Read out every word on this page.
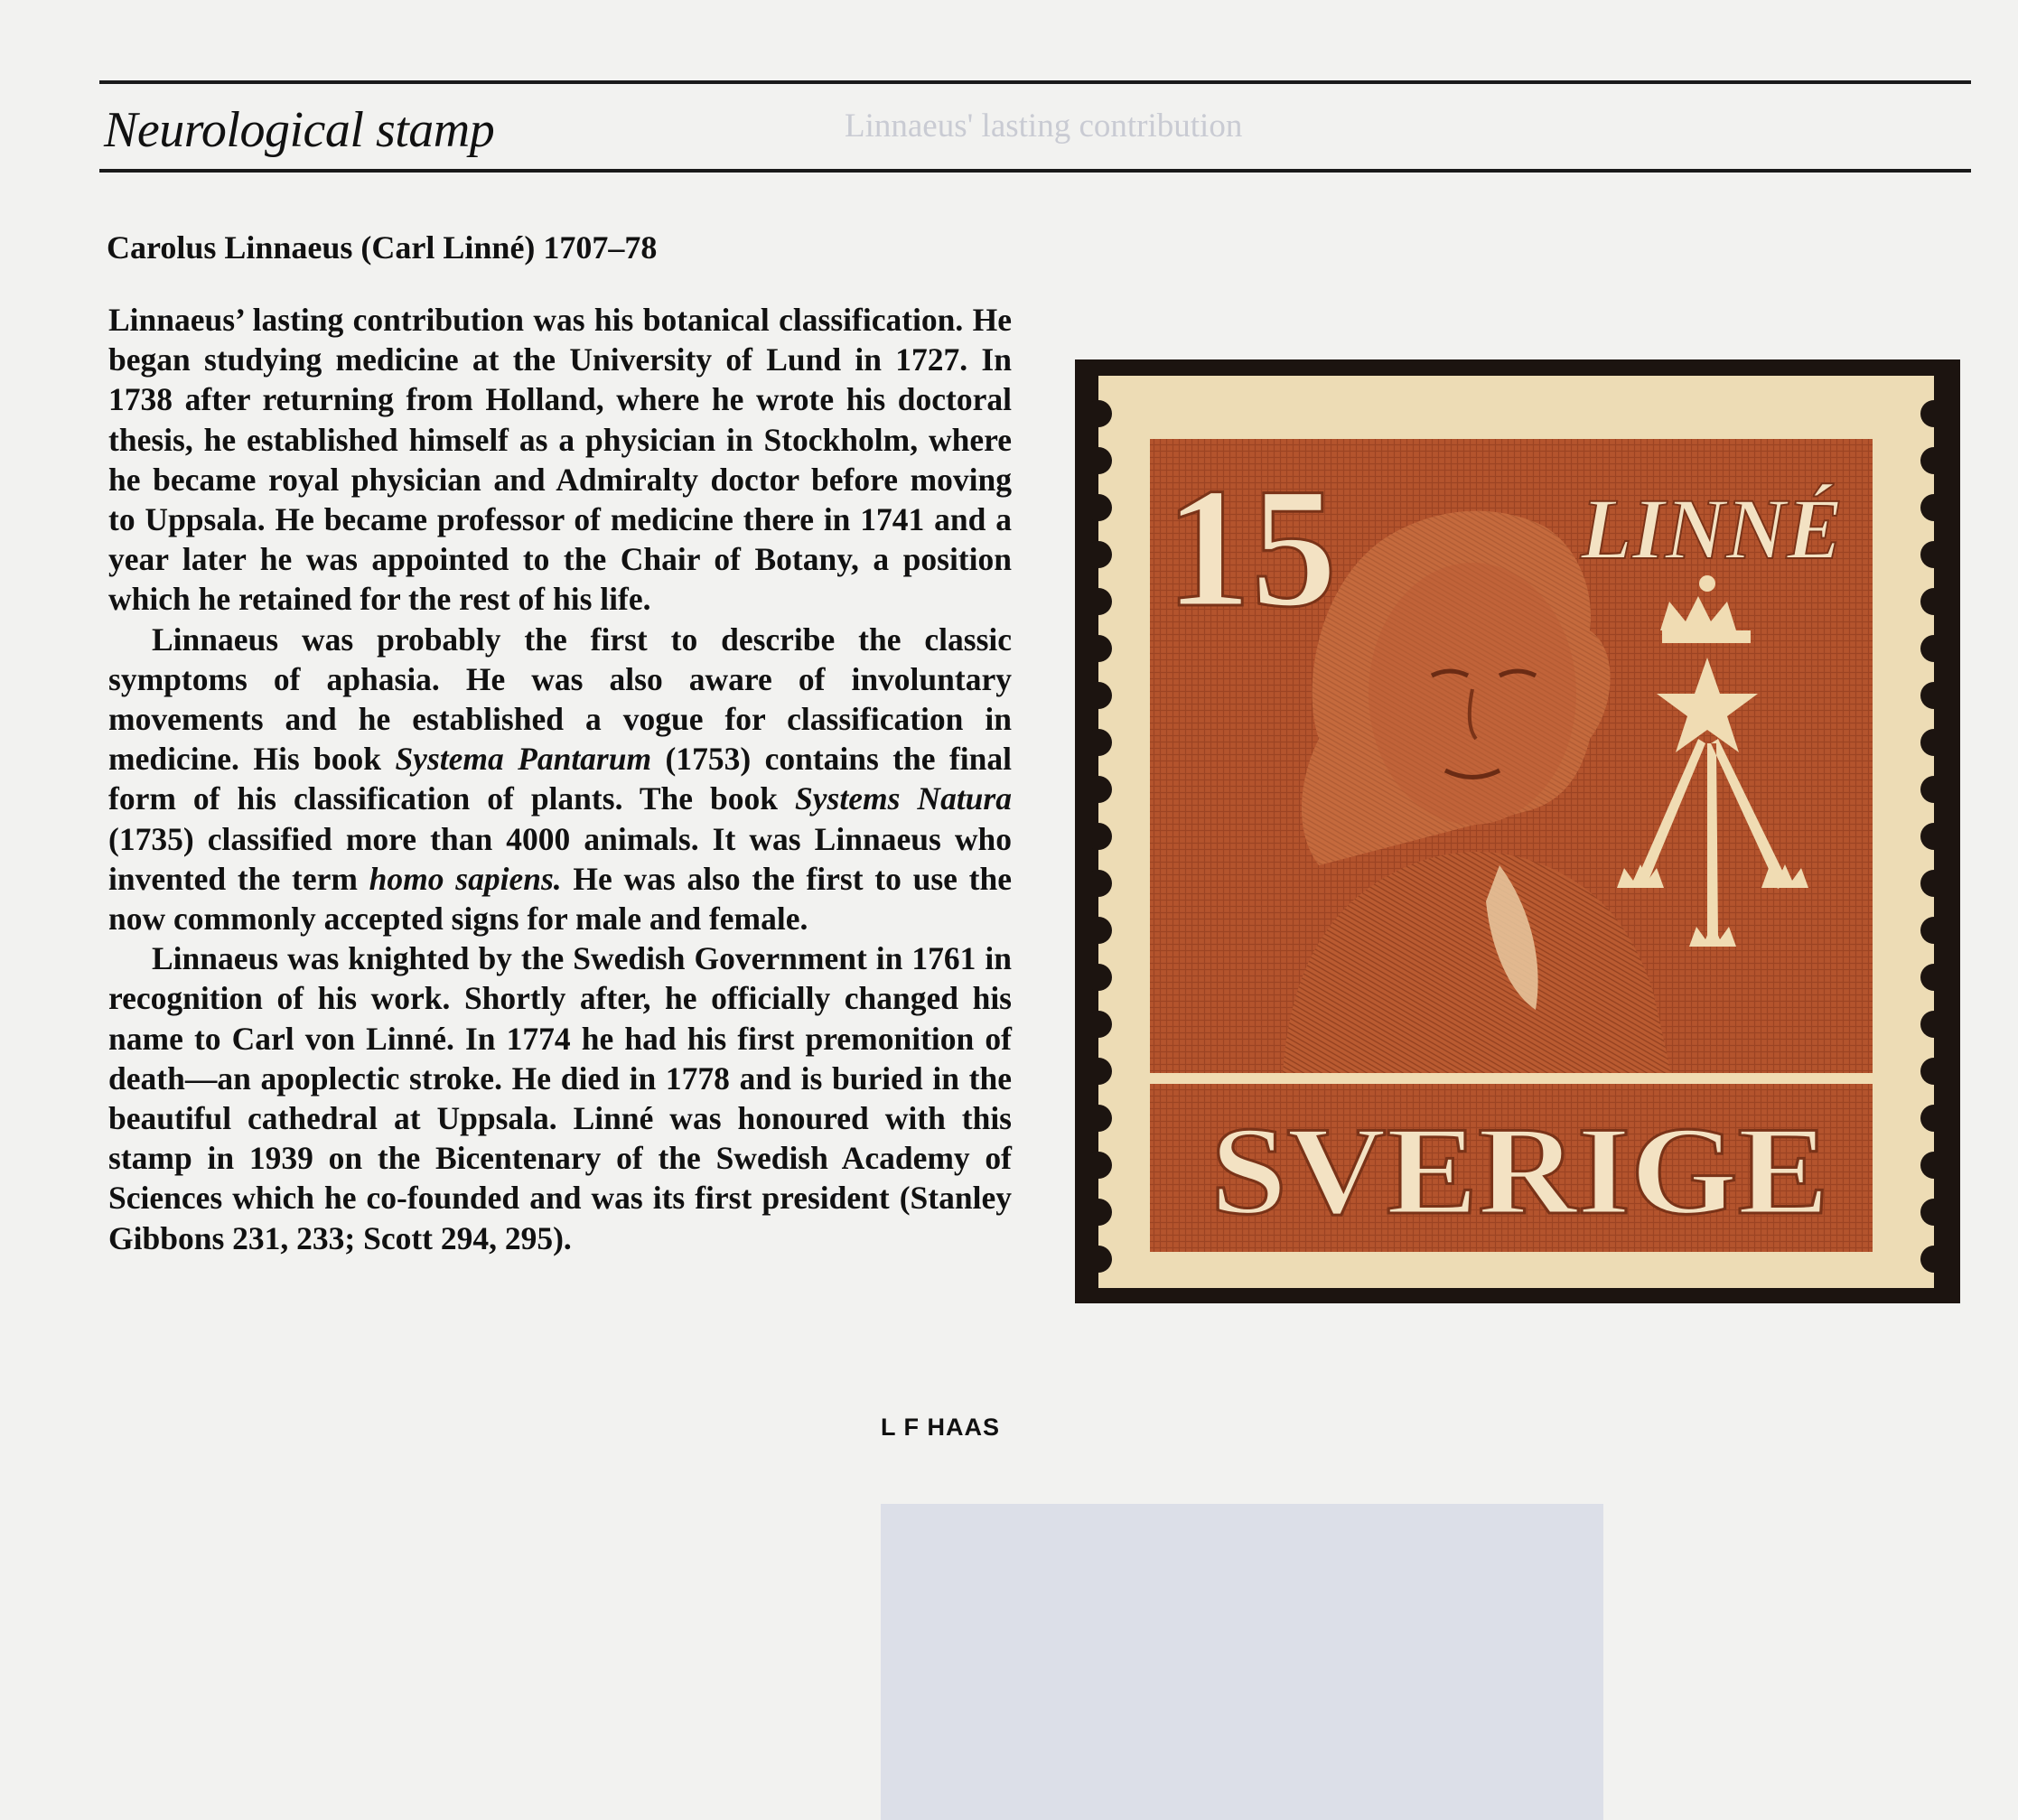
Linnaeus' lasting contribution

Neurological stamp
Carolus Linnaeus (Carl Linné) 1707–78

Linnaeus’ lasting contribution was his botanical classification. He began studying medicine at the University of Lund in 1727. In 1738 after returning from Holland, where he wrote his doctoral thesis, he established himself as a physician in Stockholm, where he became royal physician and Admiralty doctor before moving to Uppsala. He became professor of medicine there in 1741 and a year later he was appointed to the Chair of Botany, a position which he retained for the rest of his life.

Linnaeus was probably the first to describe the classic symptoms of aphasia. He was also aware of involuntary movements and he established a vogue for classification in medicine. His book Systema Pantarum (1753) contains the final form of his classification of plants. The book Systems Natura (1735) classified more than 4000 animals. It was Linnaeus who invented the term homo sapiens. He was also the first to use the now commonly accepted signs for male and female.

Linnaeus was knighted by the Swedish Government in 1761 in recognition of his work. Shortly after, he officially changed his name to Carl von Linné. In 1774 he had his first premonition of death—an apoplectic stroke. He died in 1778 and is buried in the beautiful cathedral at Uppsala. Linné was honoured with this stamp in 1939 on the Bicentenary of the Swedish Academy of Sciences which he co-founded and was its first president (Stanley Gibbons 231, 233; Scott 294, 295).

L F HAAS

15	LINNÉ
SVERIGE
